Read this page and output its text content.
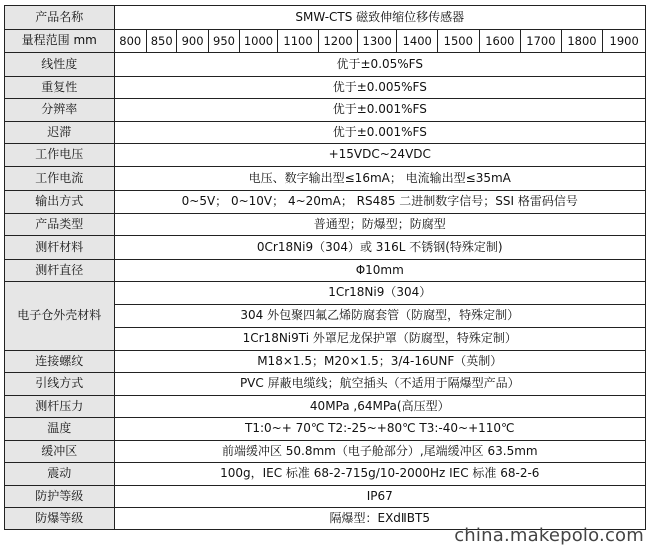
产品名称	SMW-CTS 磁致伸缩位移传感器													
量程范围 mm	800	850	900	950	1000	1100	1200	1300	1400	1500	1600	1700	1800	1900
线性度	优于±0.05%FS													
重复性	优于±0.005%FS													
分辨率	优于±0.001%FS													
迟滞	优于±0.001%FS													
工作电压	+15VDC~24VDC													
工作电流	电压、数字输出型≤16mA； 电流输出型≤35mA													
输出方式	0~5V； 0~10V； 4~20mA； RS485 二进制数字信号；SSI 格雷码信号													
产品类型	普通型；防爆型；防腐型													
测杆材料	0Cr18Ni9（304）或 316L 不锈钢(特殊定制)													
测杆直径	Φ10mm													
电子仓外壳材料	1Cr18Ni9（304）													
	304 外包聚四氟乙烯防腐套管（防腐型，特殊定制）													
	1Cr18Ni9Ti 外罩尼龙保护罩（防腐型，特殊定制）													
连接螺纹	M18×1.5；M20×1.5；3/4-16UNF（英制）													
引线方式	PVC 屏蔽电缆线；航空插头（不适用于隔爆型产品）													
测杆压力	40MPa ,64MPa(高压型）													
温度	T1:0~+ 70℃ T2:-25~+80℃ T3:-40~+110℃													
缓冲区	前端缓冲区 50.8mm（电子舱部分）,尾端缓冲区 63.5mm													
震动	100g，IEC 标准 68-2-715g/10-2000Hz IEC 标准 68-2-6													
防护等级	IP67													
防爆等级	隔爆型：EXdⅡBT5													
china.makepolo.com
